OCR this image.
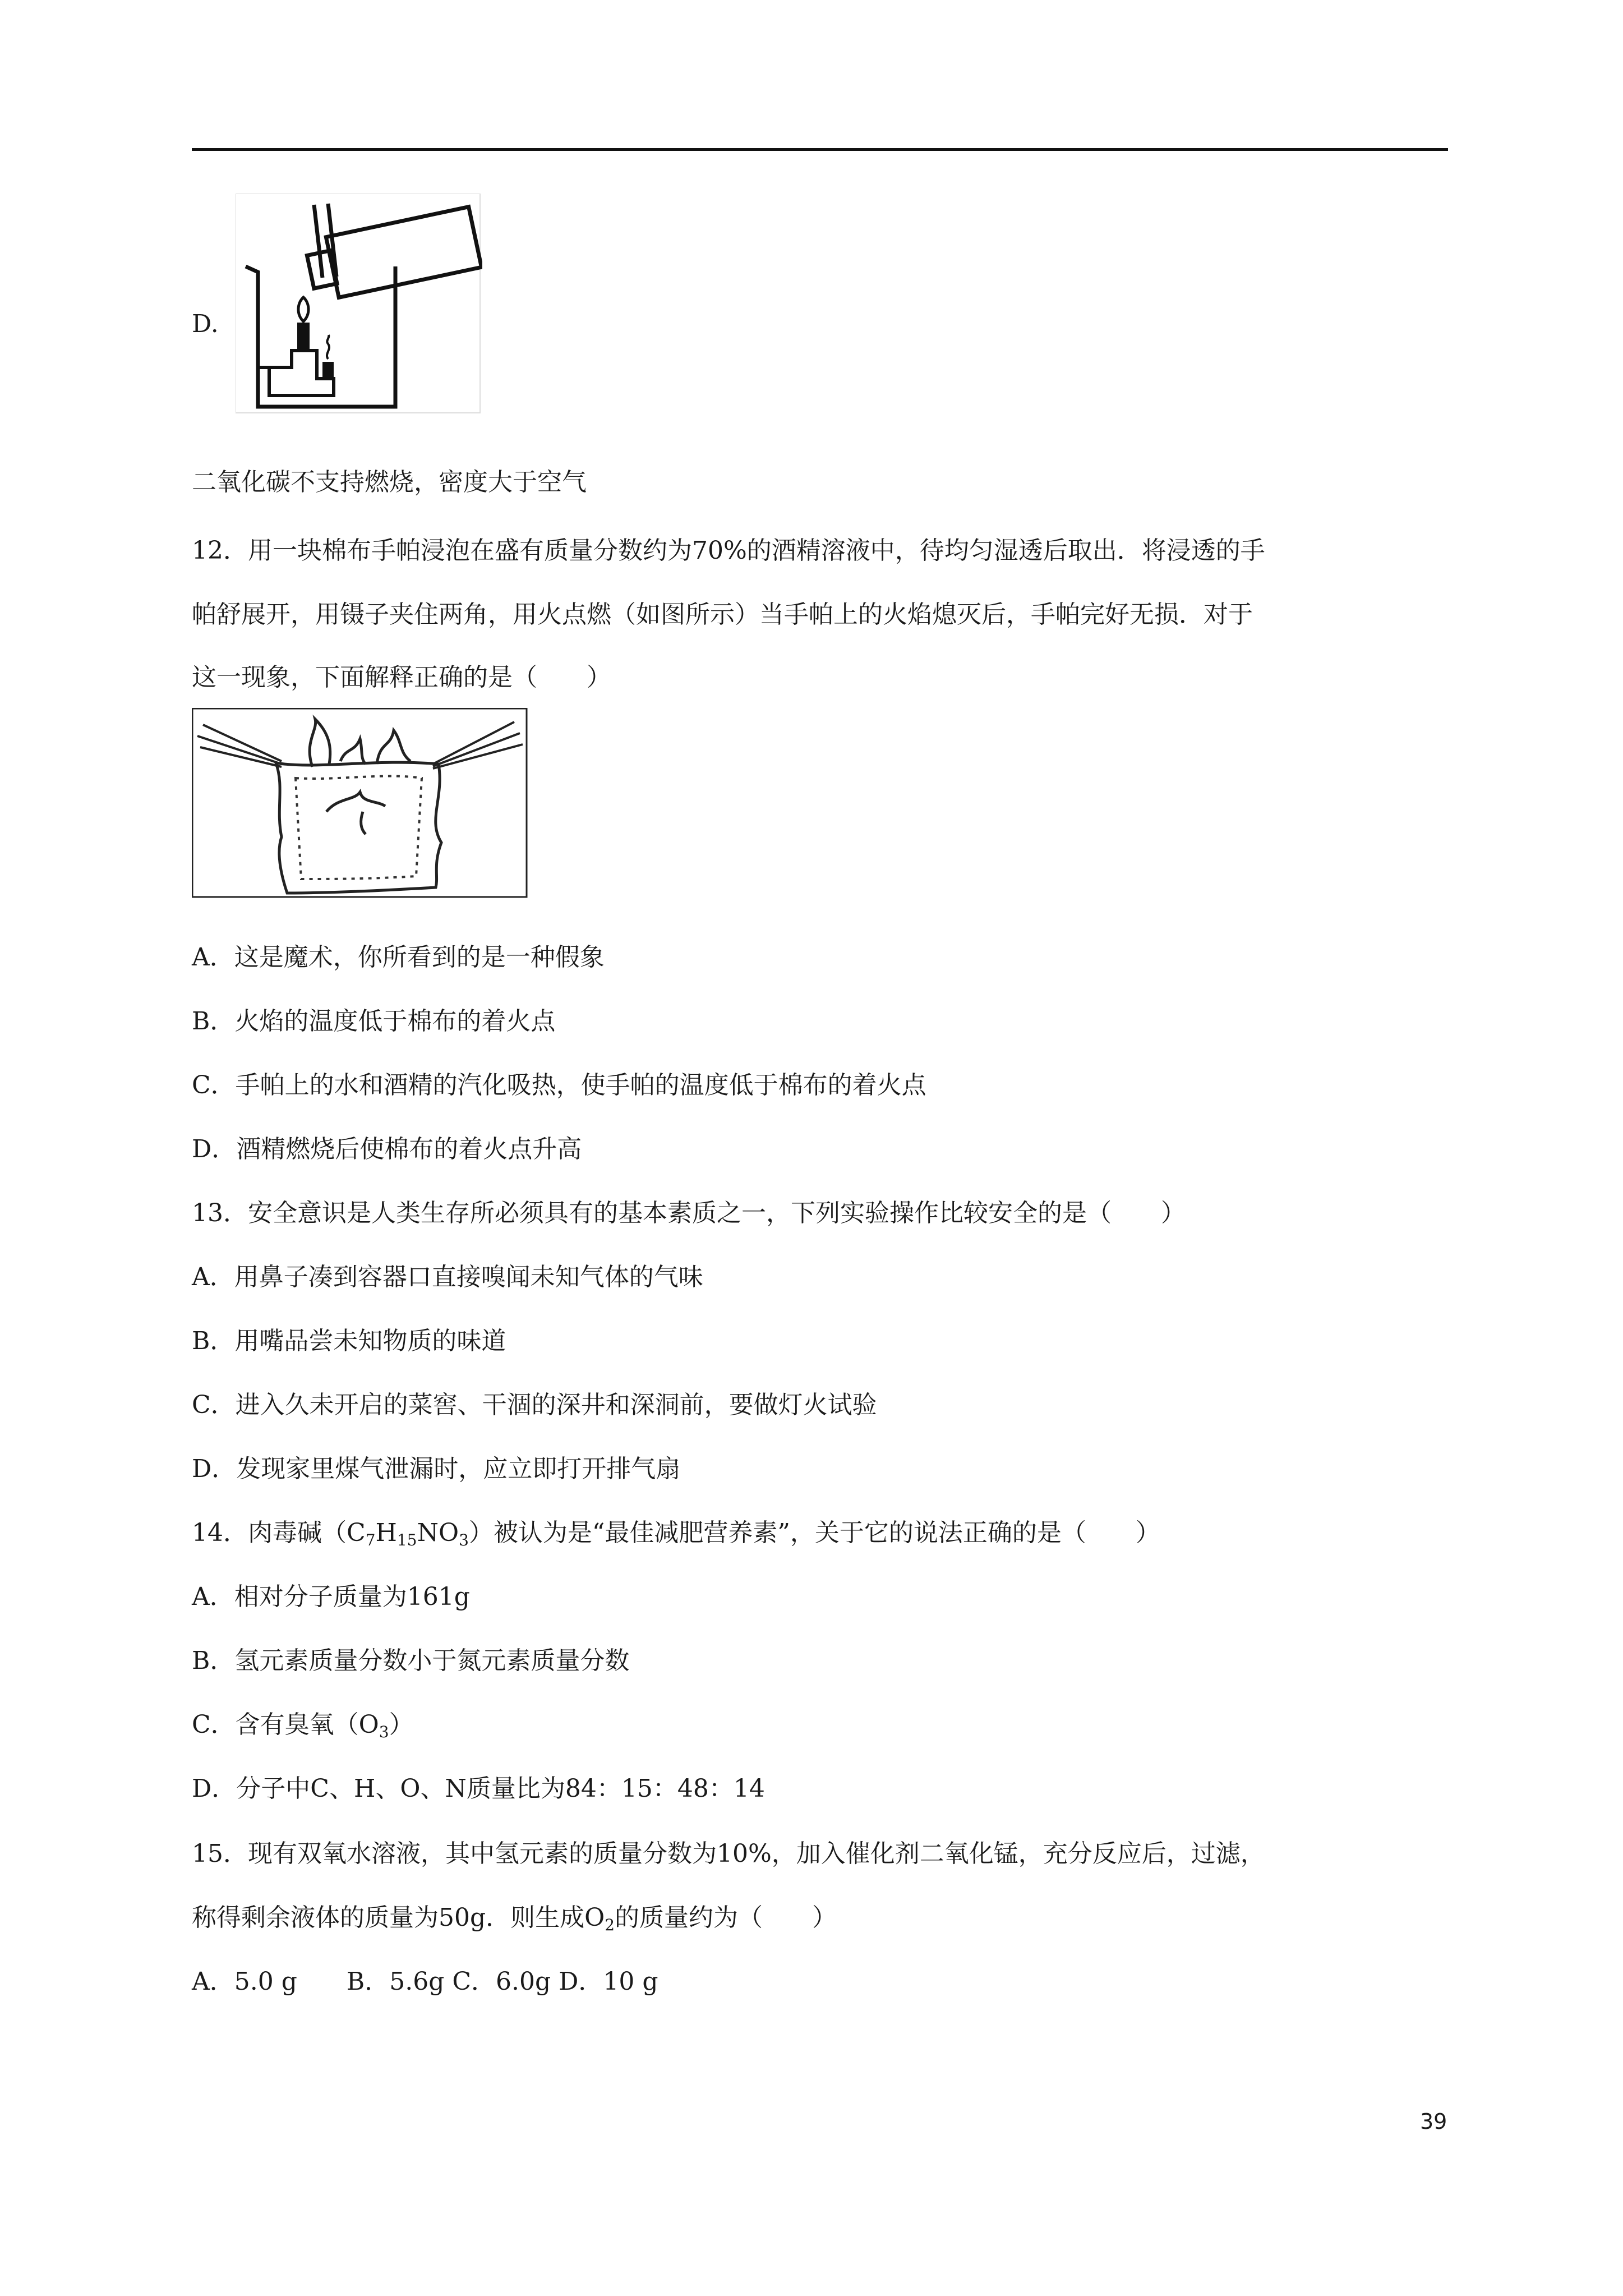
D.
二氧化碳不支持燃烧，密度大于空气
12．用一块棉布手帕浸泡在盛有质量分数约为70%的酒精溶液中，待均匀湿透后取出．将浸透的手
帕舒展开，用镊子夹住两角，用火点燃（如图所示）当手帕上的火焰熄灭后，手帕完好无损．对于
这一现象，下面解释正确的是（　　）
A．这是魔术，你所看到的是一种假象
B．火焰的温度低于棉布的着火点
C．手帕上的水和酒精的汽化吸热，使手帕的温度低于棉布的着火点
D．酒精燃烧后使棉布的着火点升高
13．安全意识是人类生存所必须具有的基本素质之一，下列实验操作比较安全的是（　　）
A．用鼻子凑到容器口直接嗅闻未知气体的气味
B．用嘴品尝未知物质的味道
C．进入久未开启的菜窖、干涸的深井和深洞前，要做灯火试验
D．发现家里煤气泄漏时，应立即打开排气扇
14．肉毒碱$(C_7H_{15}NO_3)$被认为是“最佳减肥营养素”，关于它的说法正确的是（　　）
A．相对分子质量为161g
B．氢元素质量分数小于氮元素质量分数
C．含有臭氧$(O_3)$
D．分子中C、H、O、N质量比为84：15：48：14
15．现有双氧水溶液，其中氢元素的质量分数为10%，加入催化剂二氧化锰，充分反应后，过滤，
称得剩余液体的质量为50g．则生成$O_2$的质量约为（　　）
A．5.0 g　　B．5.6g C．6.0g D．10 g
39
